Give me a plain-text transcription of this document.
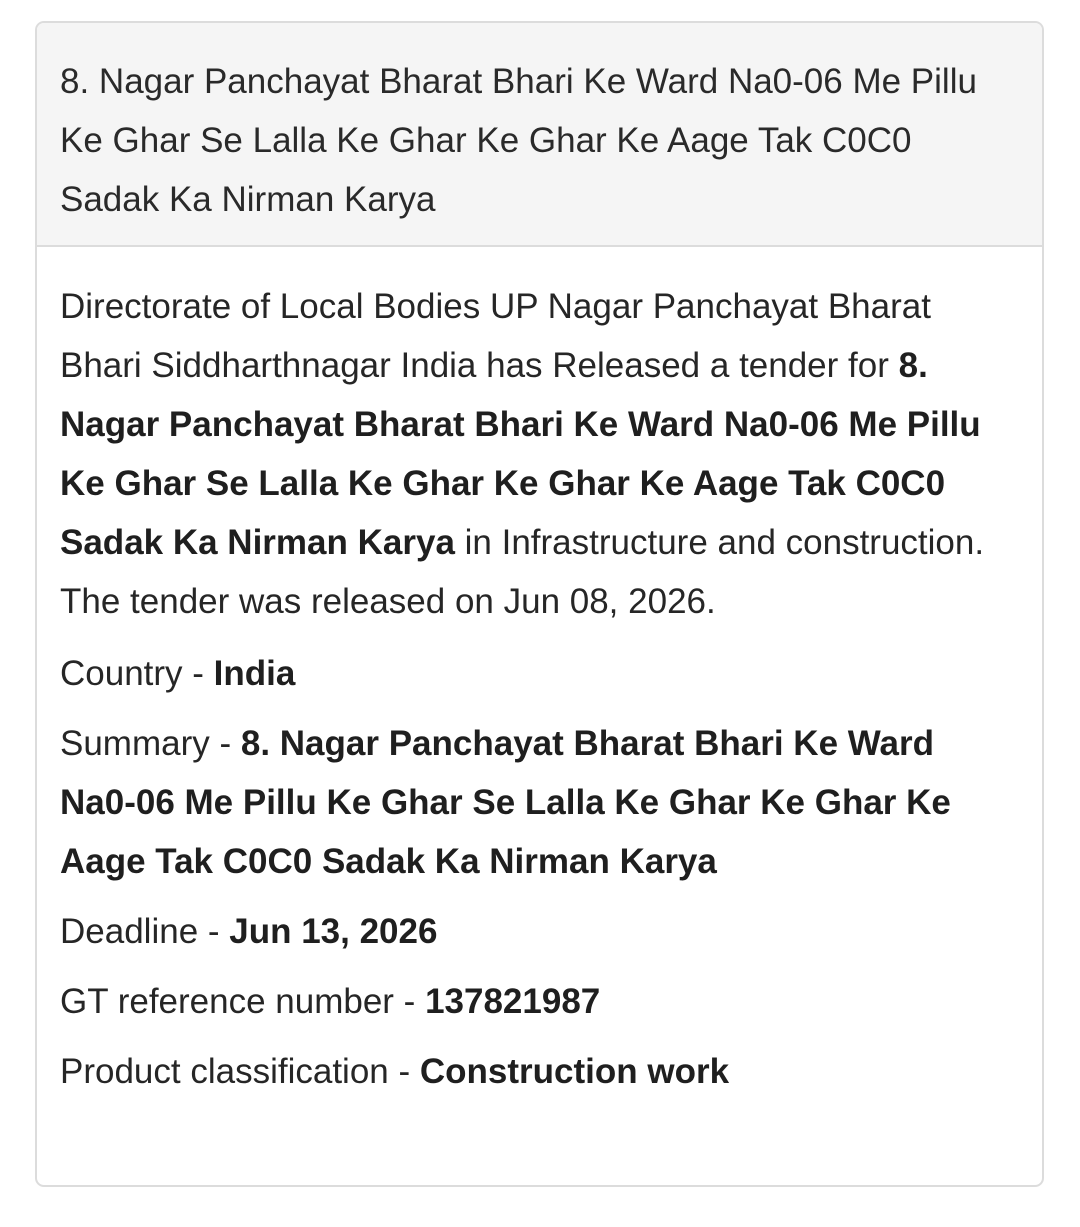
8. Nagar Panchayat Bharat Bhari Ke Ward Na0-06 Me Pillu Ke Ghar Se Lalla Ke Ghar Ke Ghar Ke Aage Tak C0C0 Sadak Ka Nirman Karya
Directorate of Local Bodies UP Nagar Panchayat Bharat Bhari Siddharthnagar India has Released a tender for 8. Nagar Panchayat Bharat Bhari Ke Ward Na0-06 Me Pillu Ke Ghar Se Lalla Ke Ghar Ke Ghar Ke Aage Tak C0C0 Sadak Ka Nirman Karya in Infrastructure and construction. The tender was released on Jun 08, 2026.
Country - India
Summary - 8. Nagar Panchayat Bharat Bhari Ke Ward Na0-06 Me Pillu Ke Ghar Se Lalla Ke Ghar Ke Ghar Ke Aage Tak C0C0 Sadak Ka Nirman Karya
Deadline - Jun 13, 2026
GT reference number - 137821987
Product classification - Construction work
